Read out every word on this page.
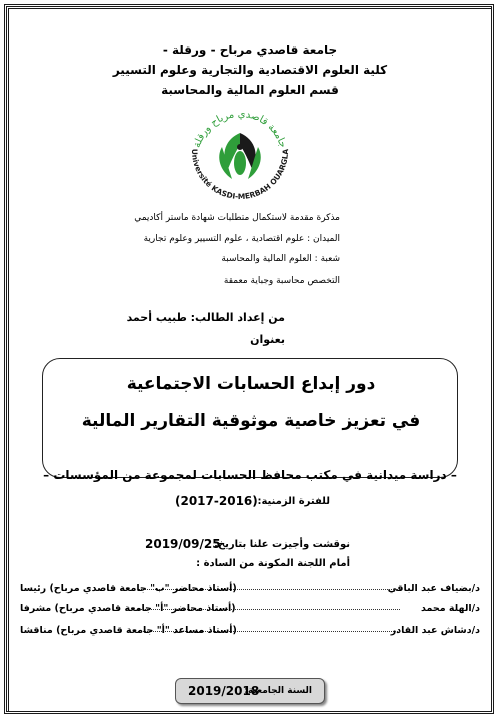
جامعة قاصدي مرباح - ورقلة -
كلية العلوم الاقتصادية والتجارية وعلوم التسيير
قسم العلوم المالية والمحاسبة
جامعة قاصدي مرباح ورقلة
Université KASDI-MERBAH OUARGLA
مذكرة مقدمة لاستكمال متطلبات شهادة ماستر أكاديمي
الميدان : علوم اقتصادية ، علوم التسيير وعلوم تجارية
شعبة : العلوم المالية والمحاسبة
التخصص محاسبة وجباية معمقة
من إعداد الطالب: طبيب أحمد
بعنوان
دور إبداع الحسابات الاجتماعية
في تعزيز خاصية موثوقية التقارير المالية
– دراسة ميدانية في مكتب محافظ الحسابات لمجموعة من المؤسسات –
للفترة الزمنية:
(2017-2016)
نوقشت وأجيزت علنا بتاريخ:
2019/09/25
أمام اللجنة المكونة من السادة :
د/بضياف عبد الباقي
(أستاذ محاضر "ب" جامعة قاصدي مرباح) رئيسا
د/الهلة محمد
(أستاذ محاضر "أ" جامعة قاصدي مرباح) مشرفا
د/دشاش عبد القادر
(أستاذ مساعد "أ" جامعة قاصدي مرباح) مناقشا
السنة الجامعية:
2019/2018
